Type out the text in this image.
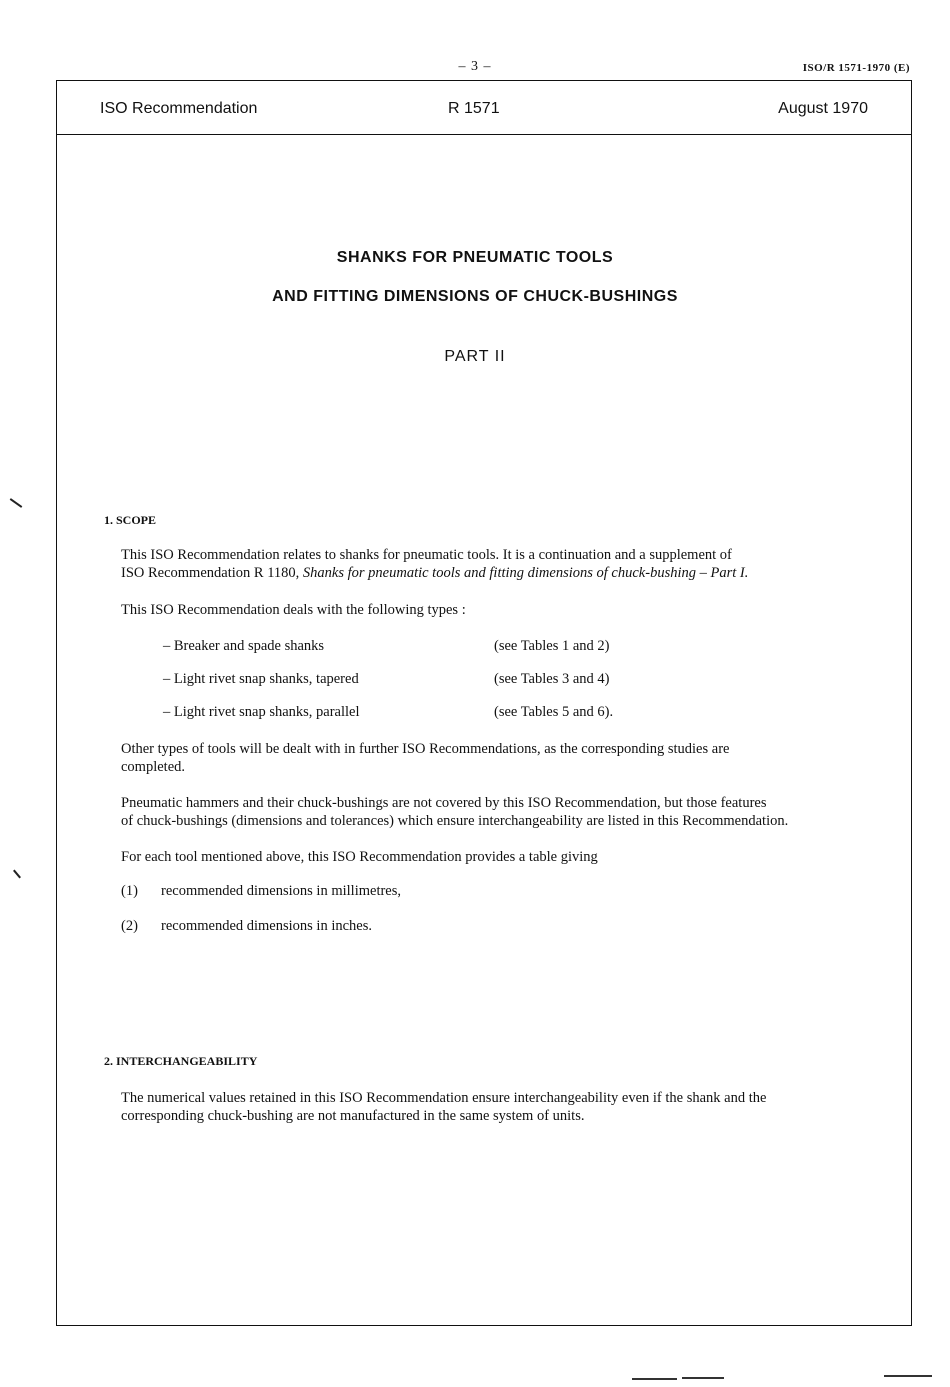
– 3 –	ISO/R 1571-1970 (E)
ISO Recommendation	R 1571	August 1970
SHANKS FOR PNEUMATIC TOOLS
AND FITTING DIMENSIONS OF CHUCK-BUSHINGS
PART II
1. SCOPE
This ISO Recommendation relates to shanks for pneumatic tools. It is a continuation and a supplement of
ISO Recommendation R 1180, Shanks for pneumatic tools and fitting dimensions of chuck-bushing – Part I.
This ISO Recommendation deals with the following types :
– Breaker and spade shanks	(see Tables 1 and 2)
– Light rivet snap shanks, tapered	(see Tables 3 and 4)
– Light rivet snap shanks, parallel	(see Tables 5 and 6).
Other types of tools will be dealt with in further ISO Recommendations, as the corresponding studies are
completed.
Pneumatic hammers and their chuck-bushings are not covered by this ISO Recommendation, but those features
of chuck-bushings (dimensions and tolerances) which ensure interchangeability are listed in this Recommendation.
For each tool mentioned above, this ISO Recommendation provides a table giving
(1) recommended dimensions in millimetres,
(2) recommended dimensions in inches.
2. INTERCHANGEABILITY
The numerical values retained in this ISO Recommendation ensure interchangeability even if the shank and the
corresponding chuck-bushing are not manufactured in the same system of units.
